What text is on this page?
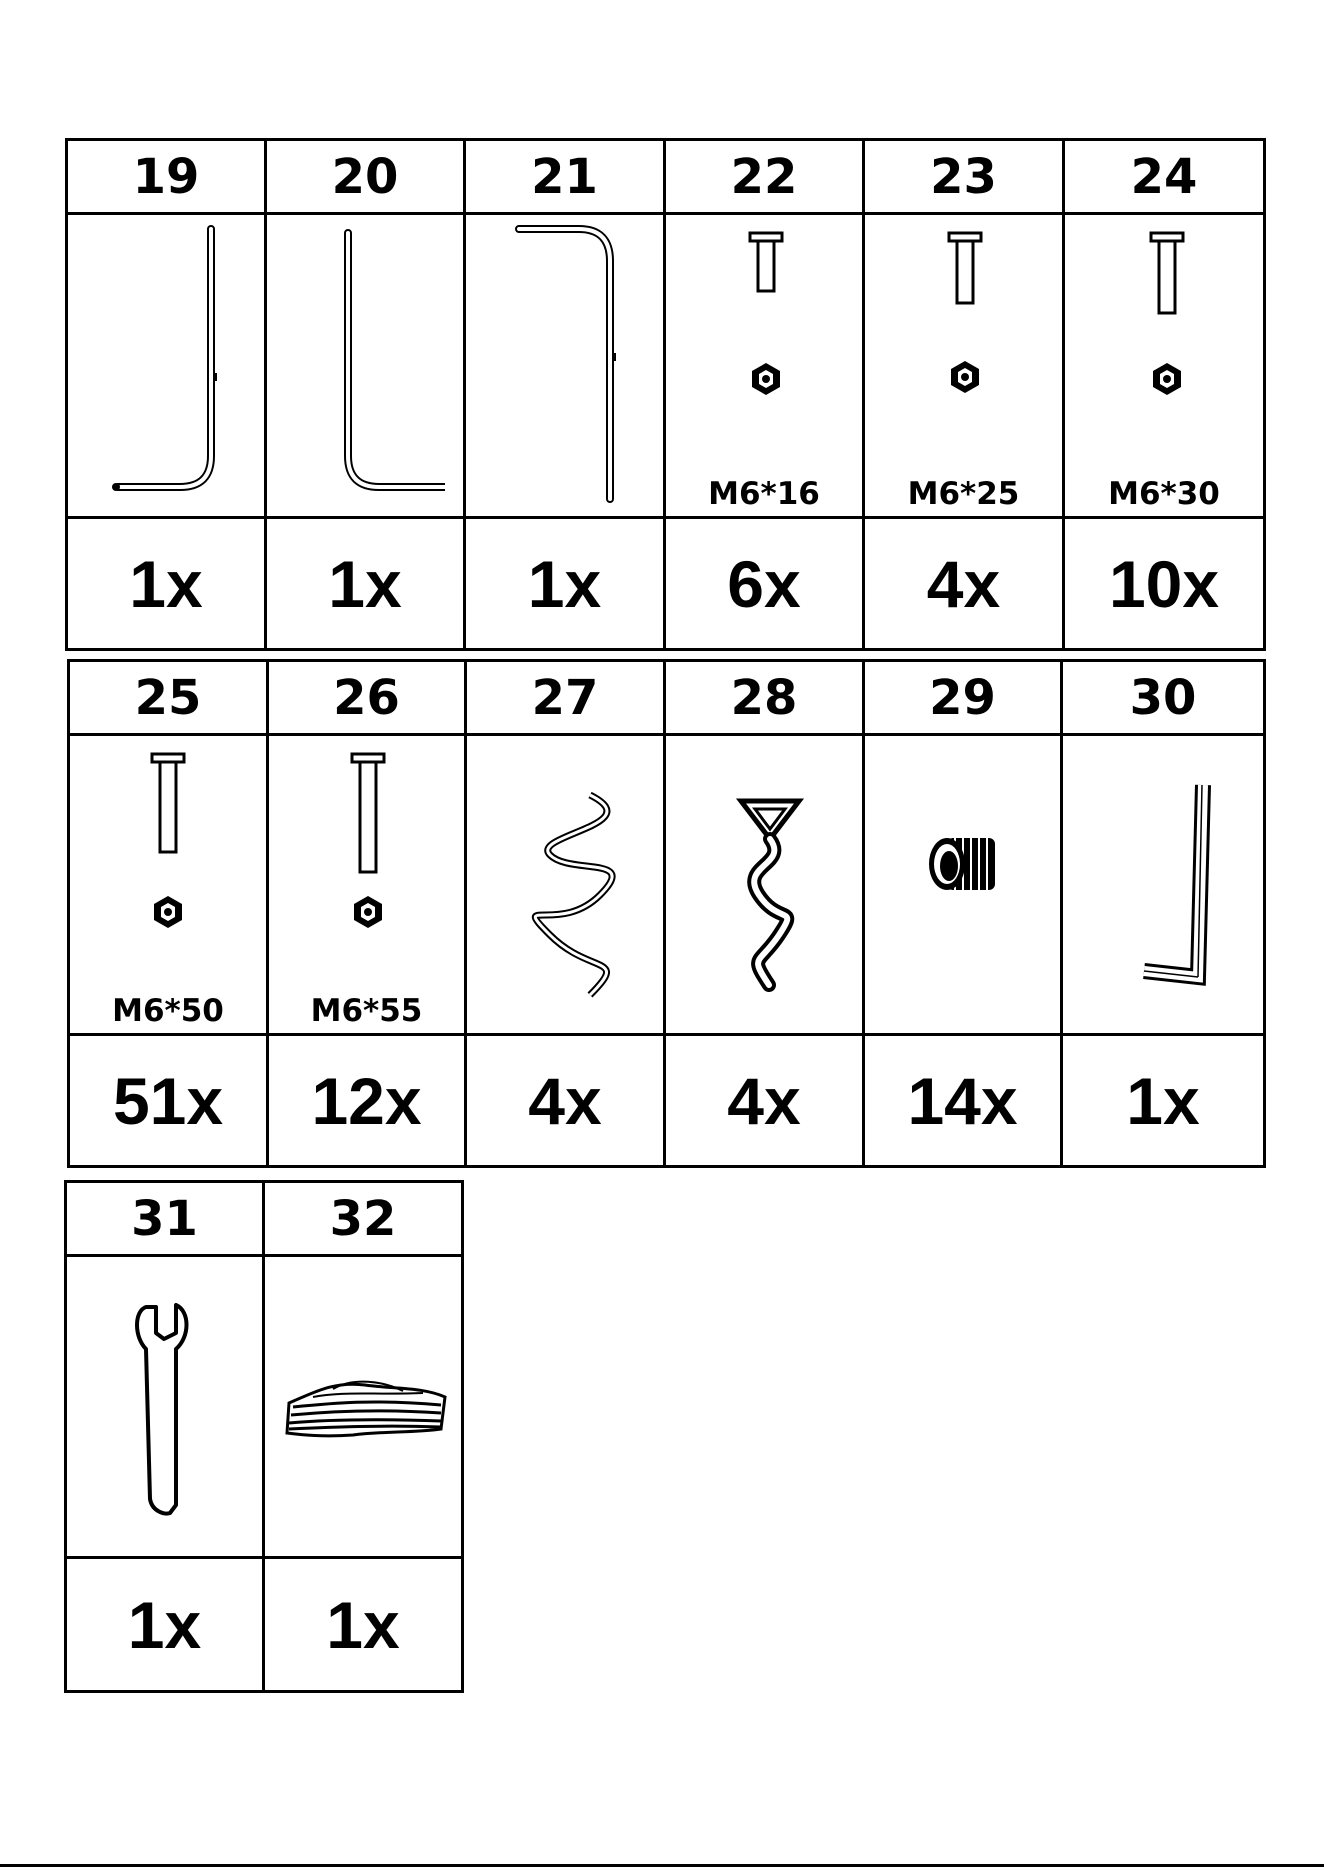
19	20	21	22	23	24

M6*16	M6*25	M6*30

1x	1x	1x	6x	4x	10x
25	26	27	28	29	30

M6*50	M6*55

51x	12x	4x	4x	14x	1x
31	32

1x	1x
